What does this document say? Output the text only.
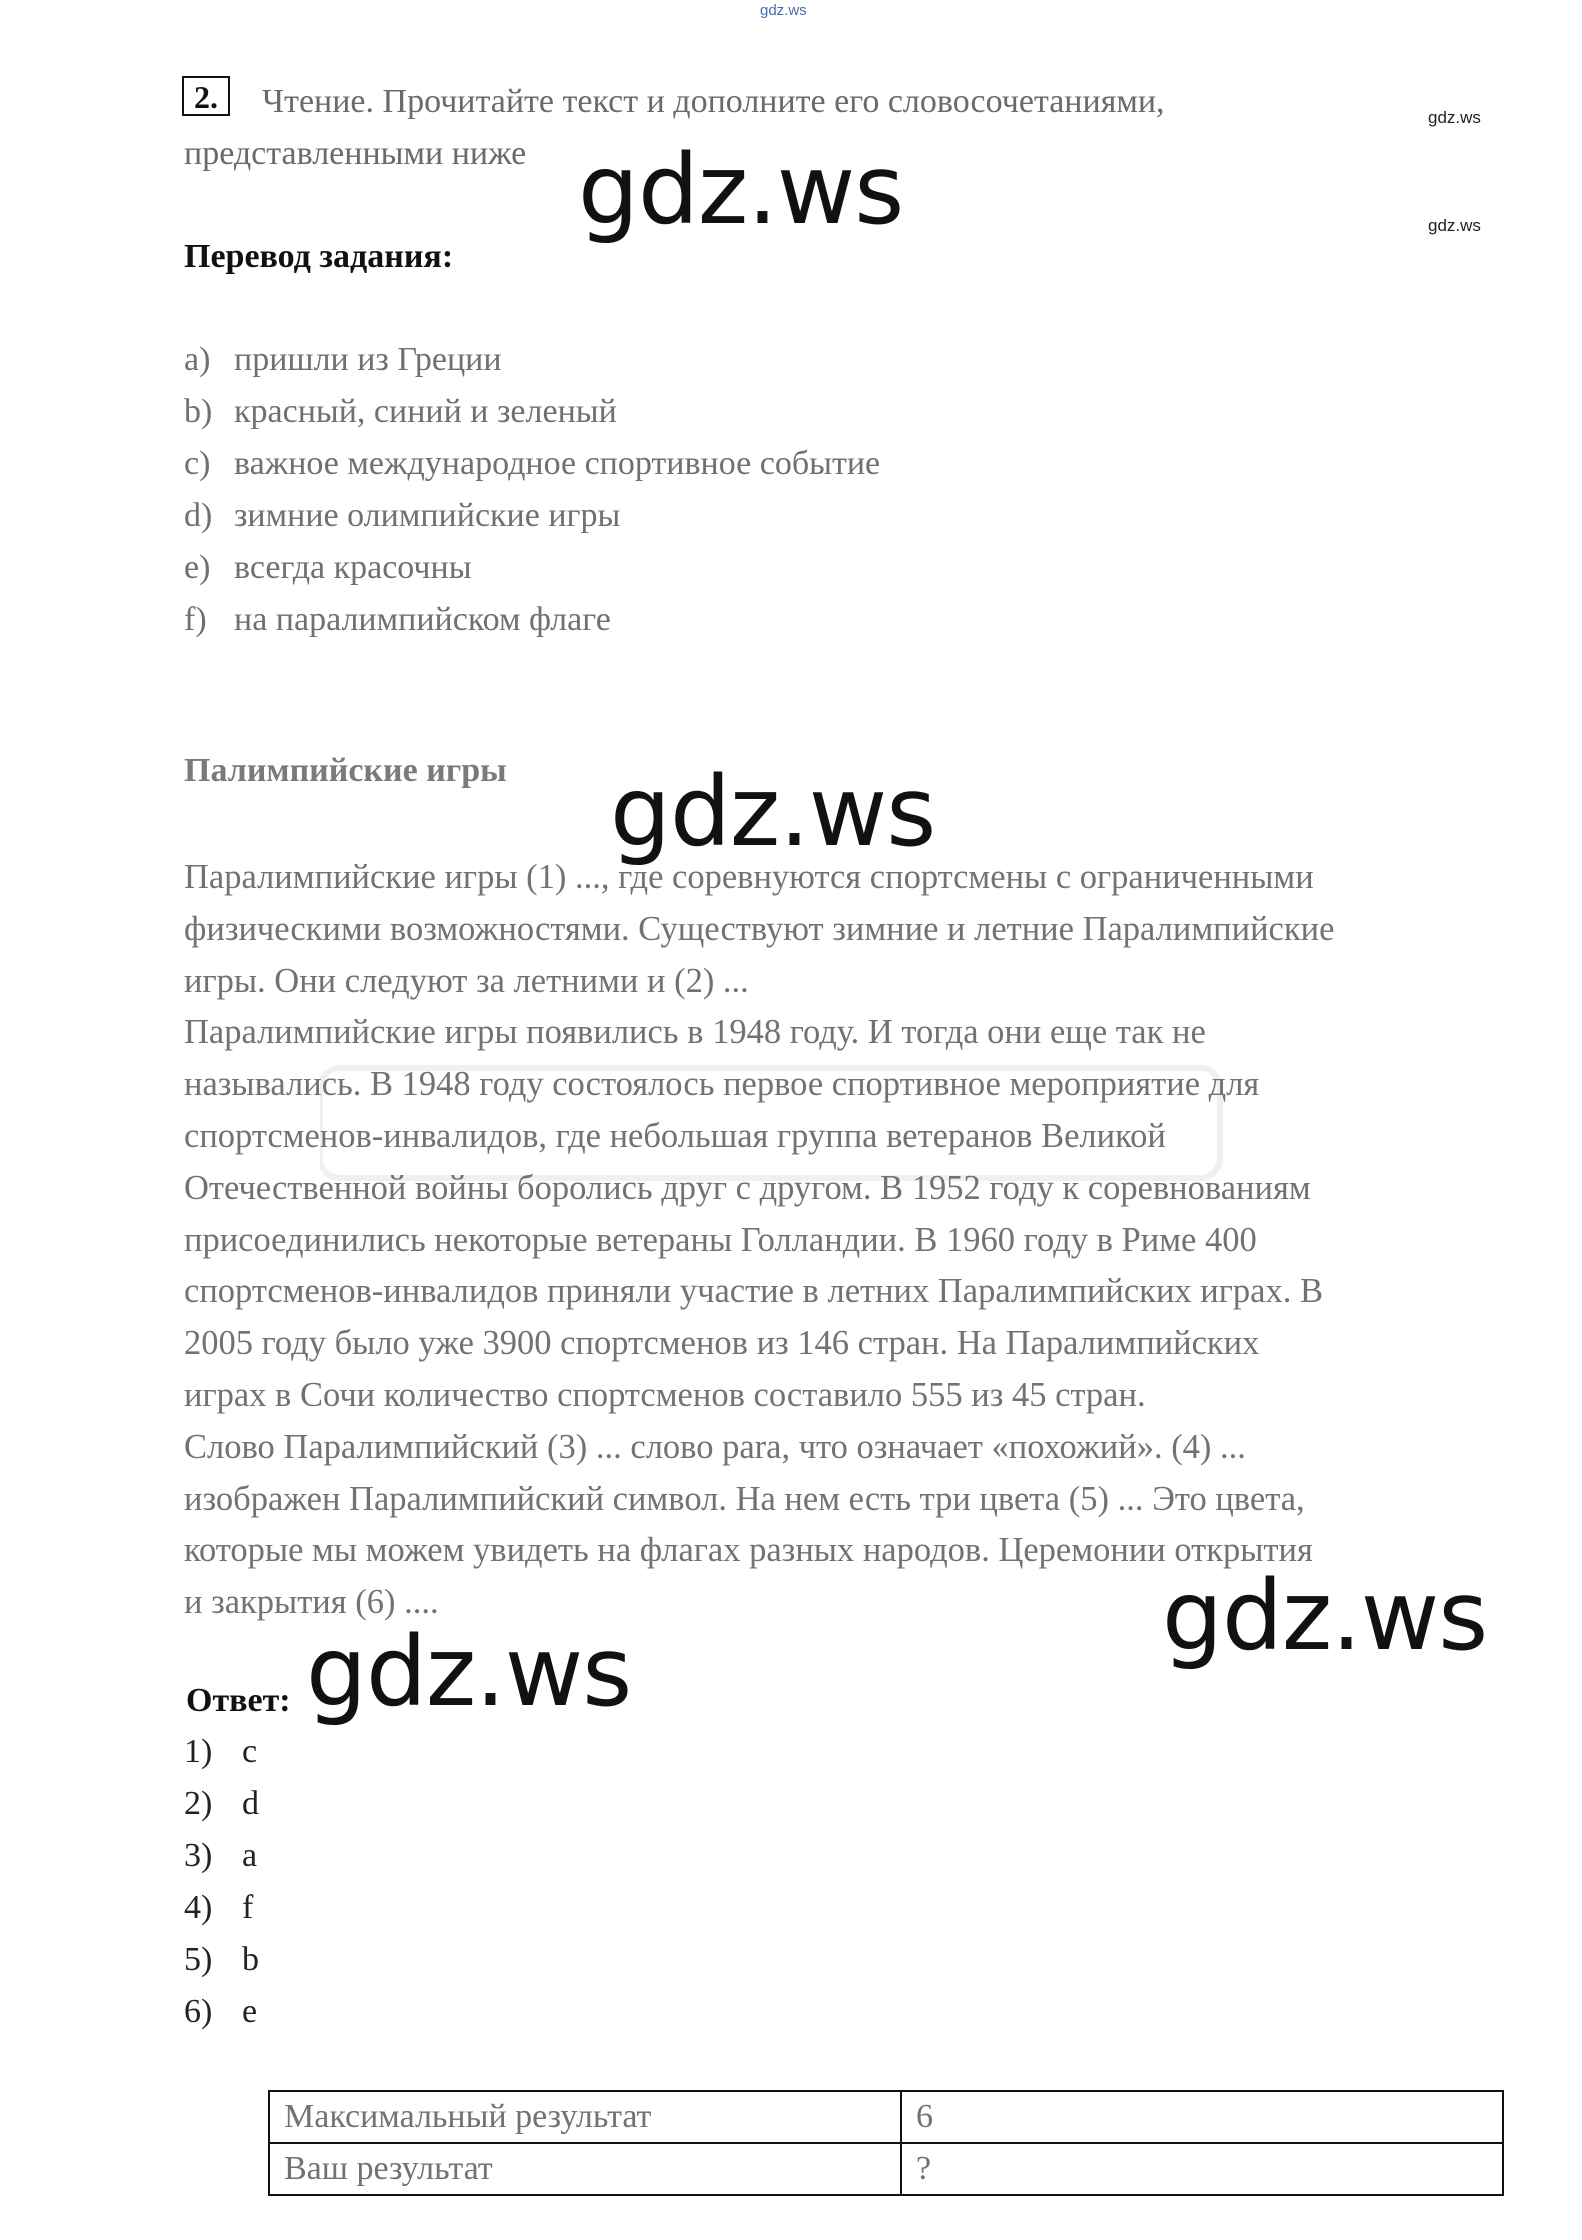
gdz.ws
gdz.ws
gdz.ws
2.	Чтение. Прочитайте текст и дополните его словосочетаниями, представленными ниже gdz.ws
Перевод задания:
a) пришли из Греции
b) красный, синий и зеленый
c) важное международное спортивное событие
d) зимние олимпийские игры
e) всегда красочны
f) на паралимпийском флаге
Палимпийские игры gdz.ws
Паралимпийские игры (1) ..., где соревнуются спортсмены с ограниченными
физическими возможностями. Существуют зимние и летние Паралимпийские
игры. Они следуют за летними и (2) ...
Паралимпийские игры появились в 1948 году. И тогда они еще так не
назывались. В 1948 году состоялось первое спортивное мероприятие для
спортсменов-инвалидов, где небольшая группа ветеранов Великой
Отечественной войны боролись друг с другом. В 1952 году к соревнованиям
присоединились некоторые ветераны Голландии. В 1960 году в Риме 400
спортсменов-инвалидов приняли участие в летних Паралимпийских играх. В
2005 году было уже 3900 спортсменов из 146 стран. На Паралимпийских
играх в Сочи количество спортсменов составило 555 из 45 стран.
Слово Паралимпийский (3) ... слово para, что означает «похожий». (4) ...
изображен Паралимпийский символ. На нем есть три цвета (5) ... Это цвета,
которые мы можем увидеть на флагах разных народов. Церемонии открытия
и закрытия (6) ....	gdz.ws
Ответ: gdz.ws
1) c
2) d
3) a
4) f
5) b
6) e
Максимальный результат	6
Ваш результат	?
